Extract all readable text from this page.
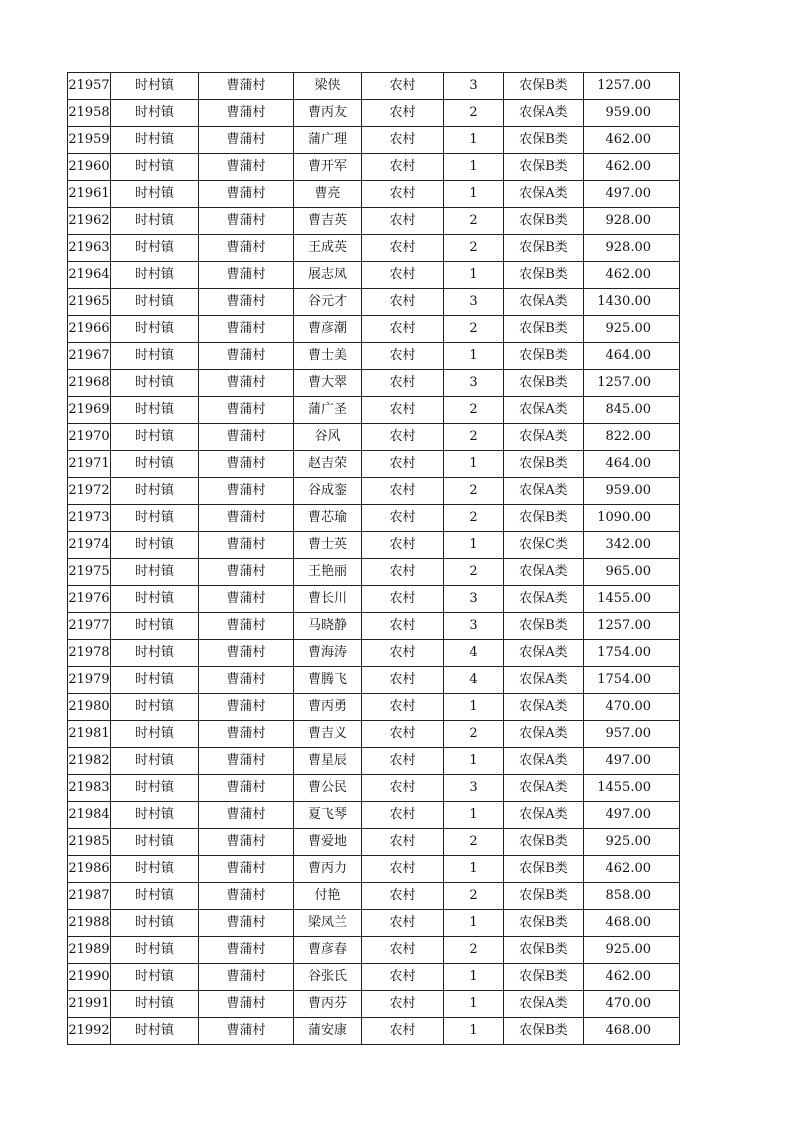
21957	时村镇	曹蒲村	梁侠	农村	3	农保B类	1257.00
21958	时村镇	曹蒲村	曹丙友	农村	2	农保A类	959.00
21959	时村镇	曹蒲村	蒲广理	农村	1	农保B类	462.00
21960	时村镇	曹蒲村	曹开军	农村	1	农保B类	462.00
21961	时村镇	曹蒲村	曹亮	农村	1	农保A类	497.00
21962	时村镇	曹蒲村	曹吉英	农村	2	农保B类	928.00
21963	时村镇	曹蒲村	王成英	农村	2	农保B类	928.00
21964	时村镇	曹蒲村	展志凤	农村	1	农保B类	462.00
21965	时村镇	曹蒲村	谷元才	农村	3	农保A类	1430.00
21966	时村镇	曹蒲村	曹彦潮	农村	2	农保B类	925.00
21967	时村镇	曹蒲村	曹士美	农村	1	农保B类	464.00
21968	时村镇	曹蒲村	曹大翠	农村	3	农保B类	1257.00
21969	时村镇	曹蒲村	蒲广圣	农村	2	农保A类	845.00
21970	时村镇	曹蒲村	谷风	农村	2	农保A类	822.00
21971	时村镇	曹蒲村	赵吉荣	农村	1	农保B类	464.00
21972	时村镇	曹蒲村	谷成銮	农村	2	农保A类	959.00
21973	时村镇	曹蒲村	曹芯瑜	农村	2	农保B类	1090.00
21974	时村镇	曹蒲村	曹士英	农村	1	农保C类	342.00
21975	时村镇	曹蒲村	王艳丽	农村	2	农保A类	965.00
21976	时村镇	曹蒲村	曹长川	农村	3	农保A类	1455.00
21977	时村镇	曹蒲村	马晓静	农村	3	农保B类	1257.00
21978	时村镇	曹蒲村	曹海涛	农村	4	农保A类	1754.00
21979	时村镇	曹蒲村	曹腾飞	农村	4	农保A类	1754.00
21980	时村镇	曹蒲村	曹丙勇	农村	1	农保A类	470.00
21981	时村镇	曹蒲村	曹吉义	农村	2	农保A类	957.00
21982	时村镇	曹蒲村	曹星辰	农村	1	农保A类	497.00
21983	时村镇	曹蒲村	曹公民	农村	3	农保A类	1455.00
21984	时村镇	曹蒲村	夏飞琴	农村	1	农保A类	497.00
21985	时村镇	曹蒲村	曹爱地	农村	2	农保B类	925.00
21986	时村镇	曹蒲村	曹丙力	农村	1	农保B类	462.00
21987	时村镇	曹蒲村	付艳	农村	2	农保B类	858.00
21988	时村镇	曹蒲村	梁凤兰	农村	1	农保B类	468.00
21989	时村镇	曹蒲村	曹彦春	农村	2	农保B类	925.00
21990	时村镇	曹蒲村	谷张氏	农村	1	农保B类	462.00
21991	时村镇	曹蒲村	曹丙芬	农村	1	农保A类	470.00
21992	时村镇	曹蒲村	蒲安康	农村	1	农保B类	468.00
